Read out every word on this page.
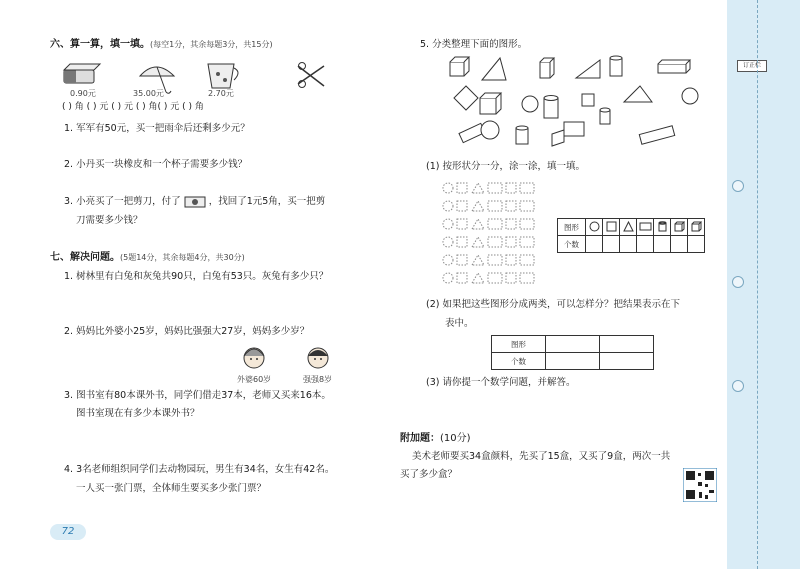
六、算一算，填一填。(每空1分，其余每题3分，共15分)
0.90元	35.00元	2.70元
( ) 角 ( ) 元 ( ) 元 ( ) 角( ) 元 ( ) 角
1. 军军有50元，买一把雨伞后还剩多少元？
2. 小丹买一块橡皮和一个杯子需要多少钱？
3. 小亮买了一把剪刀，付了	，找回了1元5角，买一把剪
刀需要多少钱？
七、解决问题。(5题14分，其余每题4分，共30分)
1. 树林里有白兔和灰兔共90只，白兔有53只。灰兔有多少只？
2. 妈妈比外婆小25岁，妈妈比强强大27岁，妈妈多少岁？
外婆60岁	强强8岁
3. 图书室有80本课外书，同学们借走37本，老师又买来16本。
图书室现在有多少本课外书？
4. 3名老师组织同学们去动物园玩，男生有34名，女生有42名。
一人买一张门票，全体师生要买多少张门票？
72
5. 分类整理下面的图形。
(1) 按形状分一分，涂一涂，填一填。
图形							
个数							
(2) 如果把这些图形分成两类，可以怎样分？把结果表示在下
表中。
图形		
个数		
(3) 请你提一个数学问题，并解答。
附加题：(10分)
美术老师要买34盒颜料，先买了15盒，又买了9盒，两次一共
买了多少盒？
订正栏
